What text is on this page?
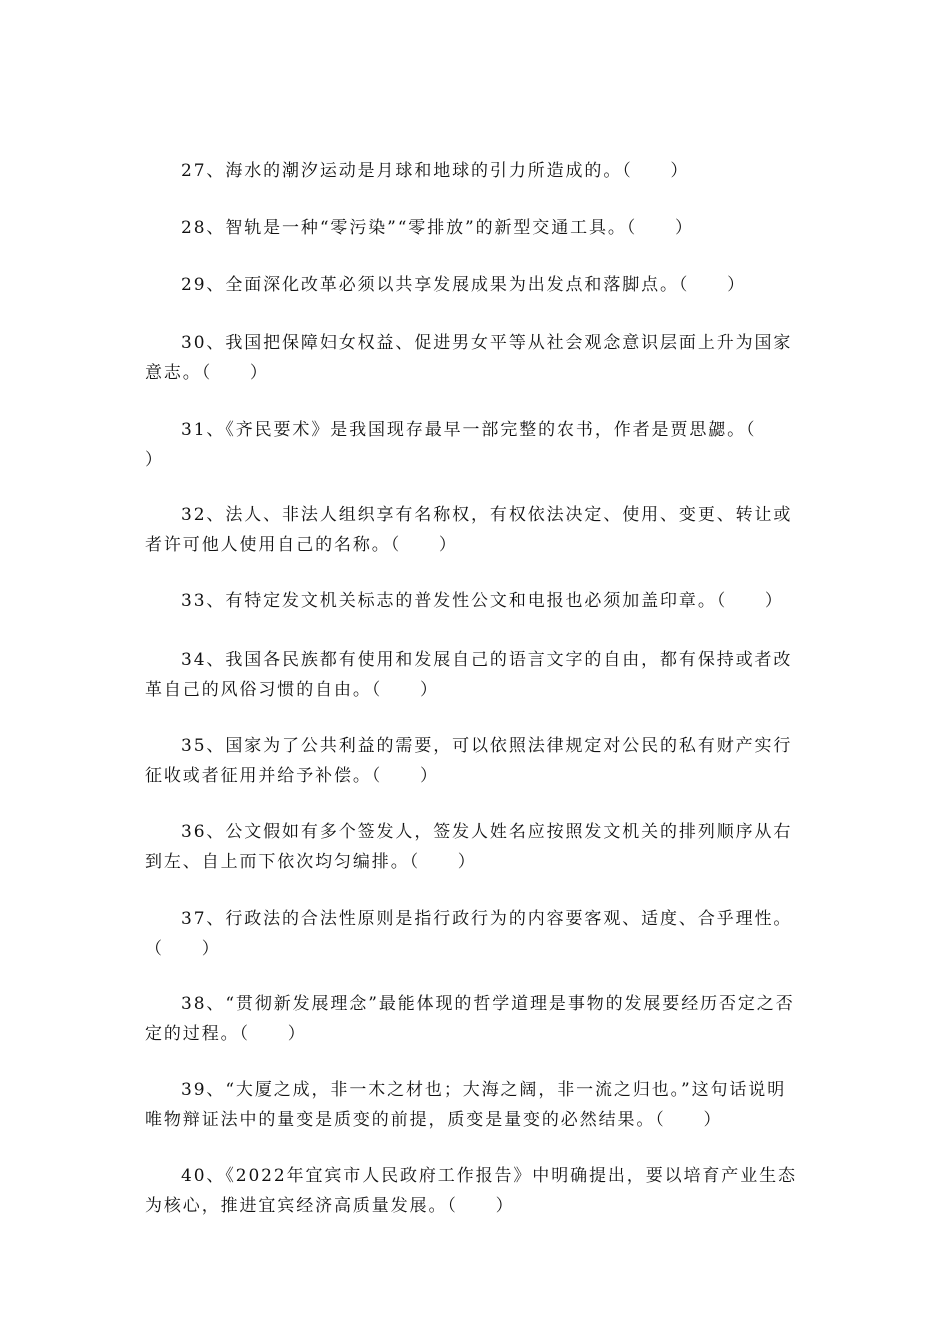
27、海水的潮汐运动是月球和地球的引力所造成的。（　　）

28、智轨是一种“零污染”“零排放”的新型交通工具。（　　）

29、全面深化改革必须以共享发展成果为出发点和落脚点。（　　）

30、我国把保障妇女权益、促进男女平等从社会观念意识层面上升为国家意志。（　　）

31、《齐民要术》是我国现存最早一部完整的农书，作者是贾思勰。（　　）

32、法人、非法人组织享有名称权，有权依法决定、使用、变更、转让或者许可他人使用自己的名称。（　　）

33、有特定发文机关标志的普发性公文和电报也必须加盖印章。（　　）

34、我国各民族都有使用和发展自己的语言文字的自由，都有保持或者改革自己的风俗习惯的自由。（　　）

35、国家为了公共利益的需要，可以依照法律规定对公民的私有财产实行征收或者征用并给予补偿。（　　）

36、公文假如有多个签发人，签发人姓名应按照发文机关的排列顺序从右到左、自上而下依次均匀编排。（　　）

37、行政法的合法性原则是指行政行为的内容要客观、适度、合乎理性。（　　）

38、“贯彻新发展理念”最能体现的哲学道理是事物的发展要经历否定之否定的过程。（　　）

39、“大厦之成，非一木之材也；大海之阔，非一流之归也。”这句话说明唯物辩证法中的量变是质变的前提，质变是量变的必然结果。（　　）

40、《2022年宜宾市人民政府工作报告》中明确提出，要以培育产业生态为核心，推进宜宾经济高质量发展。（　　）
